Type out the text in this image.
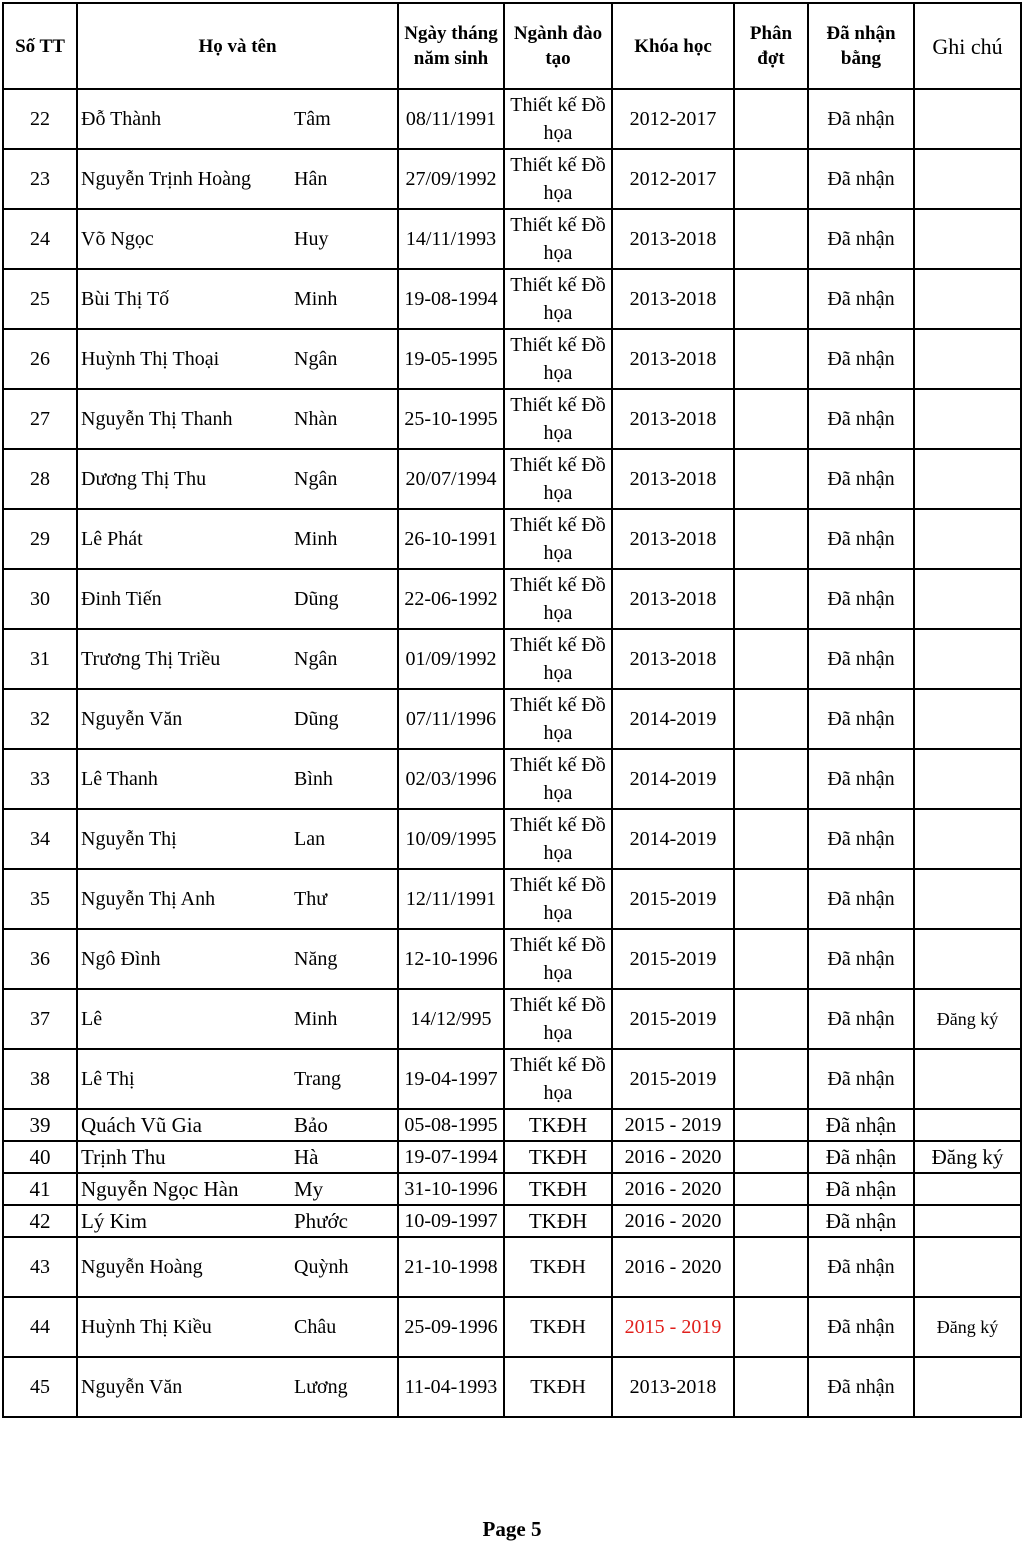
Số TT	Họ và tên		Ngày tháng năm sinh	Ngành đào tạo	Khóa học	Phân đợt	Đã nhận bằng	Ghi chú
22	Đỗ Thành	Tâm	08/11/1991	Thiết kế Đồ họa	2012-2017		Đã nhận	
23	Nguyễn Trịnh Hoàng	Hân	27/09/1992	Thiết kế Đồ họa	2012-2017		Đã nhận	
24	Võ Ngọc	Huy	14/11/1993	Thiết kế Đồ họa	2013-2018		Đã nhận	
25	Bùi Thị Tố	Minh	19-08-1994	Thiết kế Đồ họa	2013-2018		Đã nhận	
26	Huỳnh Thị Thoại	Ngân	19-05-1995	Thiết kế Đồ họa	2013-2018		Đã nhận	
27	Nguyễn Thị Thanh	Nhàn	25-10-1995	Thiết kế Đồ họa	2013-2018		Đã nhận	
28	Dương Thị Thu	Ngân	20/07/1994	Thiết kế Đồ họa	2013-2018		Đã nhận	
29	Lê Phát	Minh	26-10-1991	Thiết kế Đồ họa	2013-2018		Đã nhận	
30	Đinh Tiến	Dũng	22-06-1992	Thiết kế Đồ họa	2013-2018		Đã nhận	
31	Trương Thị Triều	Ngân	01/09/1992	Thiết kế Đồ họa	2013-2018		Đã nhận	
32	Nguyễn Văn	Dũng	07/11/1996	Thiết kế Đồ họa	2014-2019		Đã nhận	
33	Lê Thanh	Bình	02/03/1996	Thiết kế Đồ họa	2014-2019		Đã nhận	
34	Nguyễn Thị	Lan	10/09/1995	Thiết kế Đồ họa	2014-2019		Đã nhận	
35	Nguyễn Thị Anh	Thư	12/11/1991	Thiết kế Đồ họa	2015-2019		Đã nhận	
36	Ngô Đình	Năng	12-10-1996	Thiết kế Đồ họa	2015-2019		Đã nhận	
37	Lê	Minh	14/12/995	Thiết kế Đồ họa	2015-2019		Đã nhận	Đăng ký
38	Lê Thị	Trang	19-04-1997	Thiết kế Đồ họa	2015-2019		Đã nhận	
39	Quách Vũ Gia	Bảo	05-08-1995	TKĐH	2015 - 2019		Đã nhận	
40	Trịnh Thu	Hà	19-07-1994	TKĐH	2016 - 2020		Đã nhận	Đăng ký
41	Nguyễn Ngọc Hàn	My	31-10-1996	TKĐH	2016 - 2020		Đã nhận	
42	Lý Kim	Phước	10-09-1997	TKĐH	2016 - 2020		Đã nhận	
43	Nguyễn Hoàng	Quỳnh	21-10-1998	TKĐH	2016 - 2020		Đã nhận	
44	Huỳnh Thị Kiều	Châu	25-09-1996	TKĐH	2015 - 2019		Đã nhận	Đăng ký
45	Nguyễn Văn	Lương	11-04-1993	TKĐH	2013-2018		Đã nhận	
Page 5
